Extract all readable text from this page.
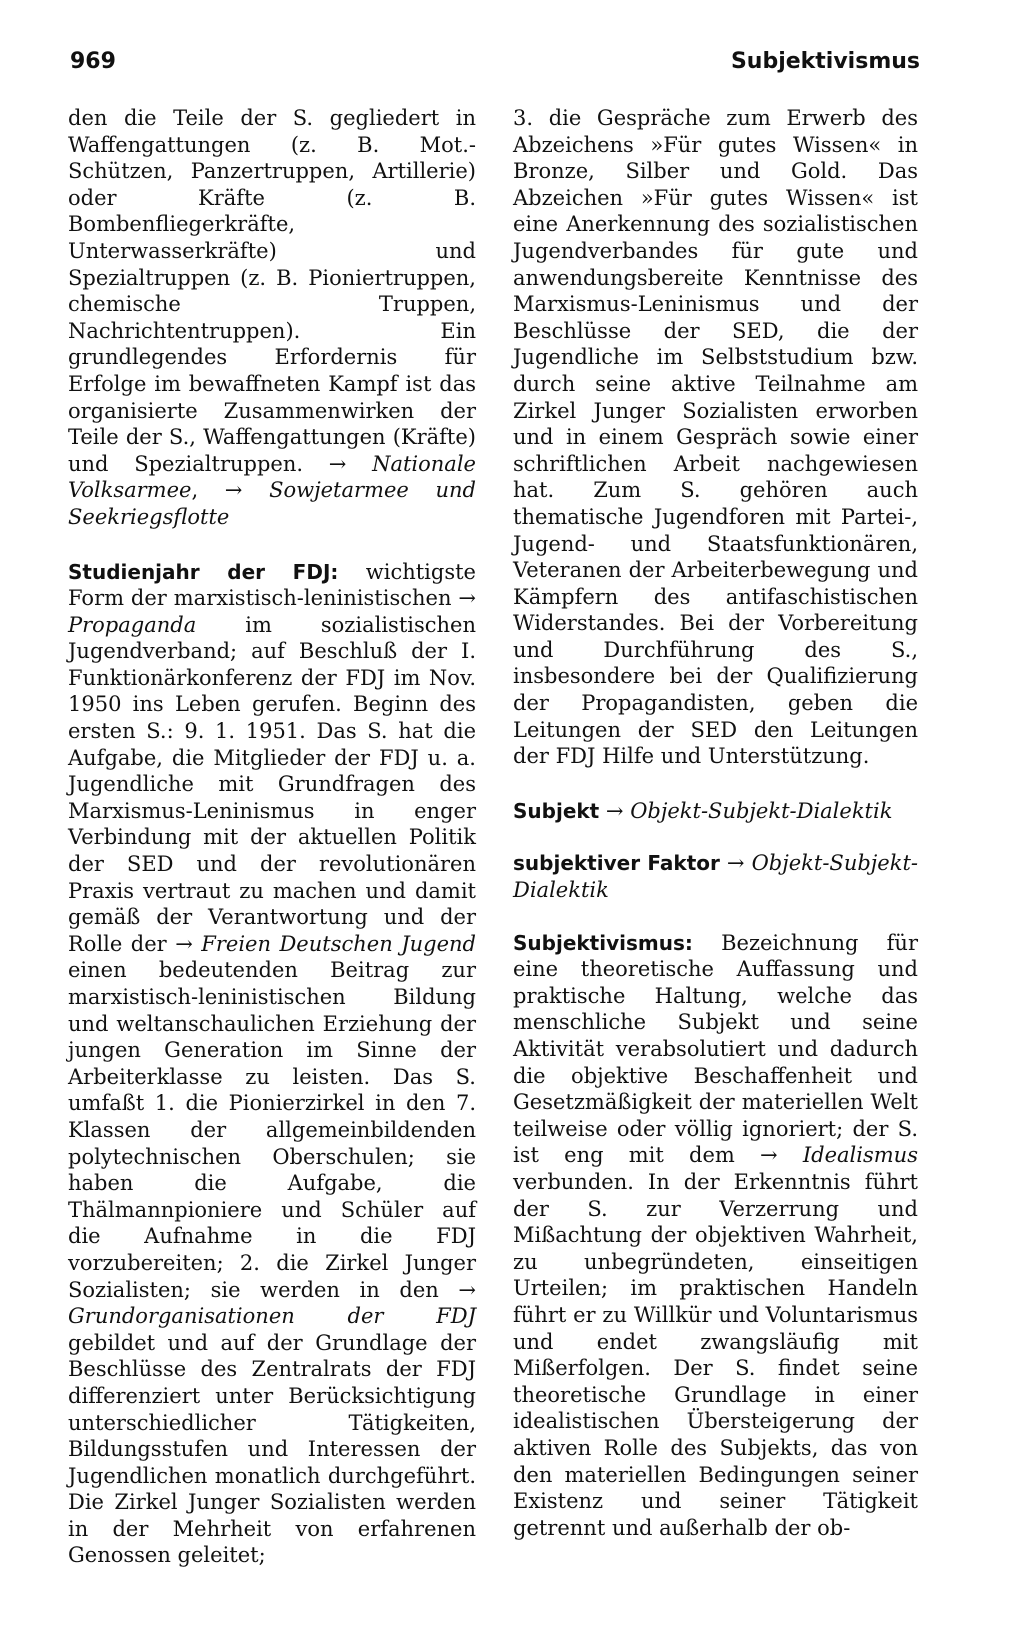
969	Subjektivismus

den die Teile der S. gegliedert in Waffengattungen (z. B. Mot.-Schützen, Panzertruppen, Artillerie) oder Kräfte (z. B. Bombenfliegerkräfte, Unterwasserkräfte) und Spezialtruppen (z. B. Pioniertruppen, chemische Truppen, Nachrichtentruppen). Ein grundlegendes Erfordernis für Erfolge im bewaffneten Kampf ist das organisierte Zusammenwirken der Teile der S., Waffengattungen (Kräfte) und Spezialtruppen. → Nationale Volksarmee, → Sowjetarmee und Seekriegsflotte

Studienjahr der FDJ: wichtigste Form der marxistisch-leninistischen → Propaganda im sozialistischen Jugendverband; auf Beschluß der I. Funktionärkonferenz der FDJ im Nov. 1950 ins Leben gerufen. Beginn des ersten S.: 9. 1. 1951. Das S. hat die Aufgabe, die Mitglieder der FDJ u. a. Jugendliche mit Grundfragen des Marxismus-Leninismus in enger Verbindung mit der aktuellen Politik der SED und der revolutionären Praxis vertraut zu machen und damit gemäß der Verantwortung und der Rolle der → Freien Deutschen Jugend einen bedeutenden Beitrag zur marxistisch-leninistischen Bildung und weltanschaulichen Erziehung der jungen Generation im Sinne der Arbeiterklasse zu leisten. Das S. umfaßt 1. die Pionierzirkel in den 7. Klassen der allgemeinbildenden polytechnischen Oberschulen; sie haben die Aufgabe, die Thälmannpioniere und Schüler auf die Aufnahme in die FDJ vorzubereiten; 2. die Zirkel Junger Sozialisten; sie werden in den → Grundorganisationen der FDJ gebildet und auf der Grundlage der Beschlüsse des Zentralrats der FDJ differenziert unter Berücksichtigung unterschiedlicher Tätigkeiten, Bildungsstufen und Interessen der Jugendlichen monatlich durchgeführt. Die Zirkel Junger Sozialisten werden in der Mehrheit von erfahrenen Genossen geleitet;

3. die Gespräche zum Erwerb des Abzeichens »Für gutes Wissen« in Bronze, Silber und Gold. Das Abzeichen »Für gutes Wissen« ist eine Anerkennung des sozialistischen Jugendverbandes für gute und anwendungsbereite Kenntnisse des Marxismus-Leninismus und der Beschlüsse der SED, die der Jugendliche im Selbststudium bzw. durch seine aktive Teilnahme am Zirkel Junger Sozialisten erworben und in einem Gespräch sowie einer schriftlichen Arbeit nachgewiesen hat. Zum S. gehören auch thematische Jugendforen mit Partei-, Jugend- und Staatsfunktionären, Veteranen der Arbeiterbewegung und Kämpfern des antifaschistischen Widerstandes. Bei der Vorbereitung und Durchführung des S., insbesondere bei der Qualifizierung der Propagandisten, geben die Leitungen der SED den Leitungen der FDJ Hilfe und Unterstützung.

Subjekt → Objekt-Subjekt-Dialektik

subjektiver Faktor → Objekt-Subjekt-Dialektik

Subjektivismus: Bezeichnung für eine theoretische Auffassung und praktische Haltung, welche das menschliche Subjekt und seine Aktivität verabsolutiert und dadurch die objektive Beschaffenheit und Gesetzmäßigkeit der materiellen Welt teilweise oder völlig ignoriert; der S. ist eng mit dem → Idealismus verbunden. In der Erkenntnis führt der S. zur Verzerrung und Mißachtung der objektiven Wahrheit, zu unbegründeten, einseitigen Urteilen; im praktischen Handeln führt er zu Willkür und Voluntarismus und endet zwangsläufig mit Mißerfolgen. Der S. findet seine theoretische Grundlage in einer idealistischen Übersteigerung der aktiven Rolle des Subjekts, das von den materiellen Bedingungen seiner Existenz und seiner Tätigkeit getrennt und außerhalb der ob-
